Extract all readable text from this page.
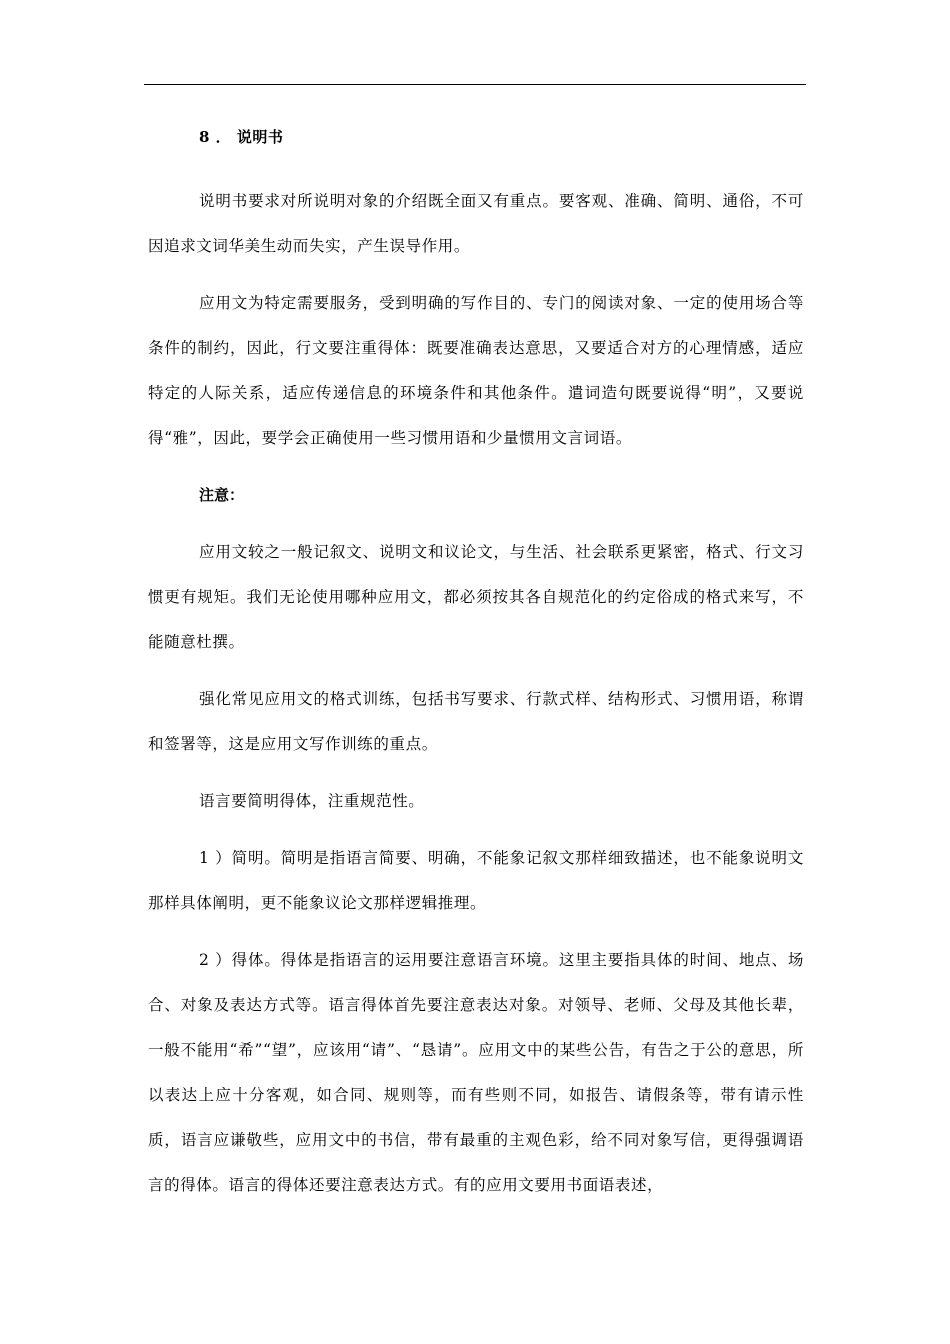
8 ． 说明书

说明书要求对所说明对象的介绍既全面又有重点。要客观、准确、简明、通俗，不可因追求文词华美生动而失实，产生误导作用。

应用文为特定需要服务，受到明确的写作目的、专门的阅读对象、一定的使用场合等条件的制约，因此，行文要注重得体：既要准确表达意思，又要适合对方的心理情感，适应特定的人际关系，适应传递信息的环境条件和其他条件。遣词造句既要说得“明”，又要说得“雅”，因此，要学会正确使用一些习惯用语和少量惯用文言词语。

注意：

应用文较之一般记叙文、说明文和议论文，与生活、社会联系更紧密，格式、行文习惯更有规矩。我们无论使用哪种应用文，都必须按其各自规范化的约定俗成的格式来写，不能随意杜撰。

强化常见应用文的格式训练，包括书写要求、行款式样、结构形式、习惯用语，称谓和签署等，这是应用文写作训练的重点。

语言要简明得体，注重规范性。

1 ）简明。简明是指语言简要、明确，不能象记叙文那样细致描述，也不能象说明文那样具体阐明，更不能象议论文那样逻辑推理。

2 ）得体。得体是指语言的运用要注意语言环境。这里主要指具体的时间、地点、场合、对象及表达方式等。语言得体首先要注意表达对象。对领导、老师、父母及其他长辈，一般不能用“希”“望”，应该用“请”、“恳请”。应用文中的某些公告，有告之于公的意思，所以表达上应十分客观，如合同、规则等，而有些则不同，如报告、请假条等，带有请示性质，语言应谦敬些，应用文中的书信，带有最重的主观色彩，给不同对象写信，更得强调语言的得体。语言的得体还要注意表达方式。有的应用文要用书面语表述，
